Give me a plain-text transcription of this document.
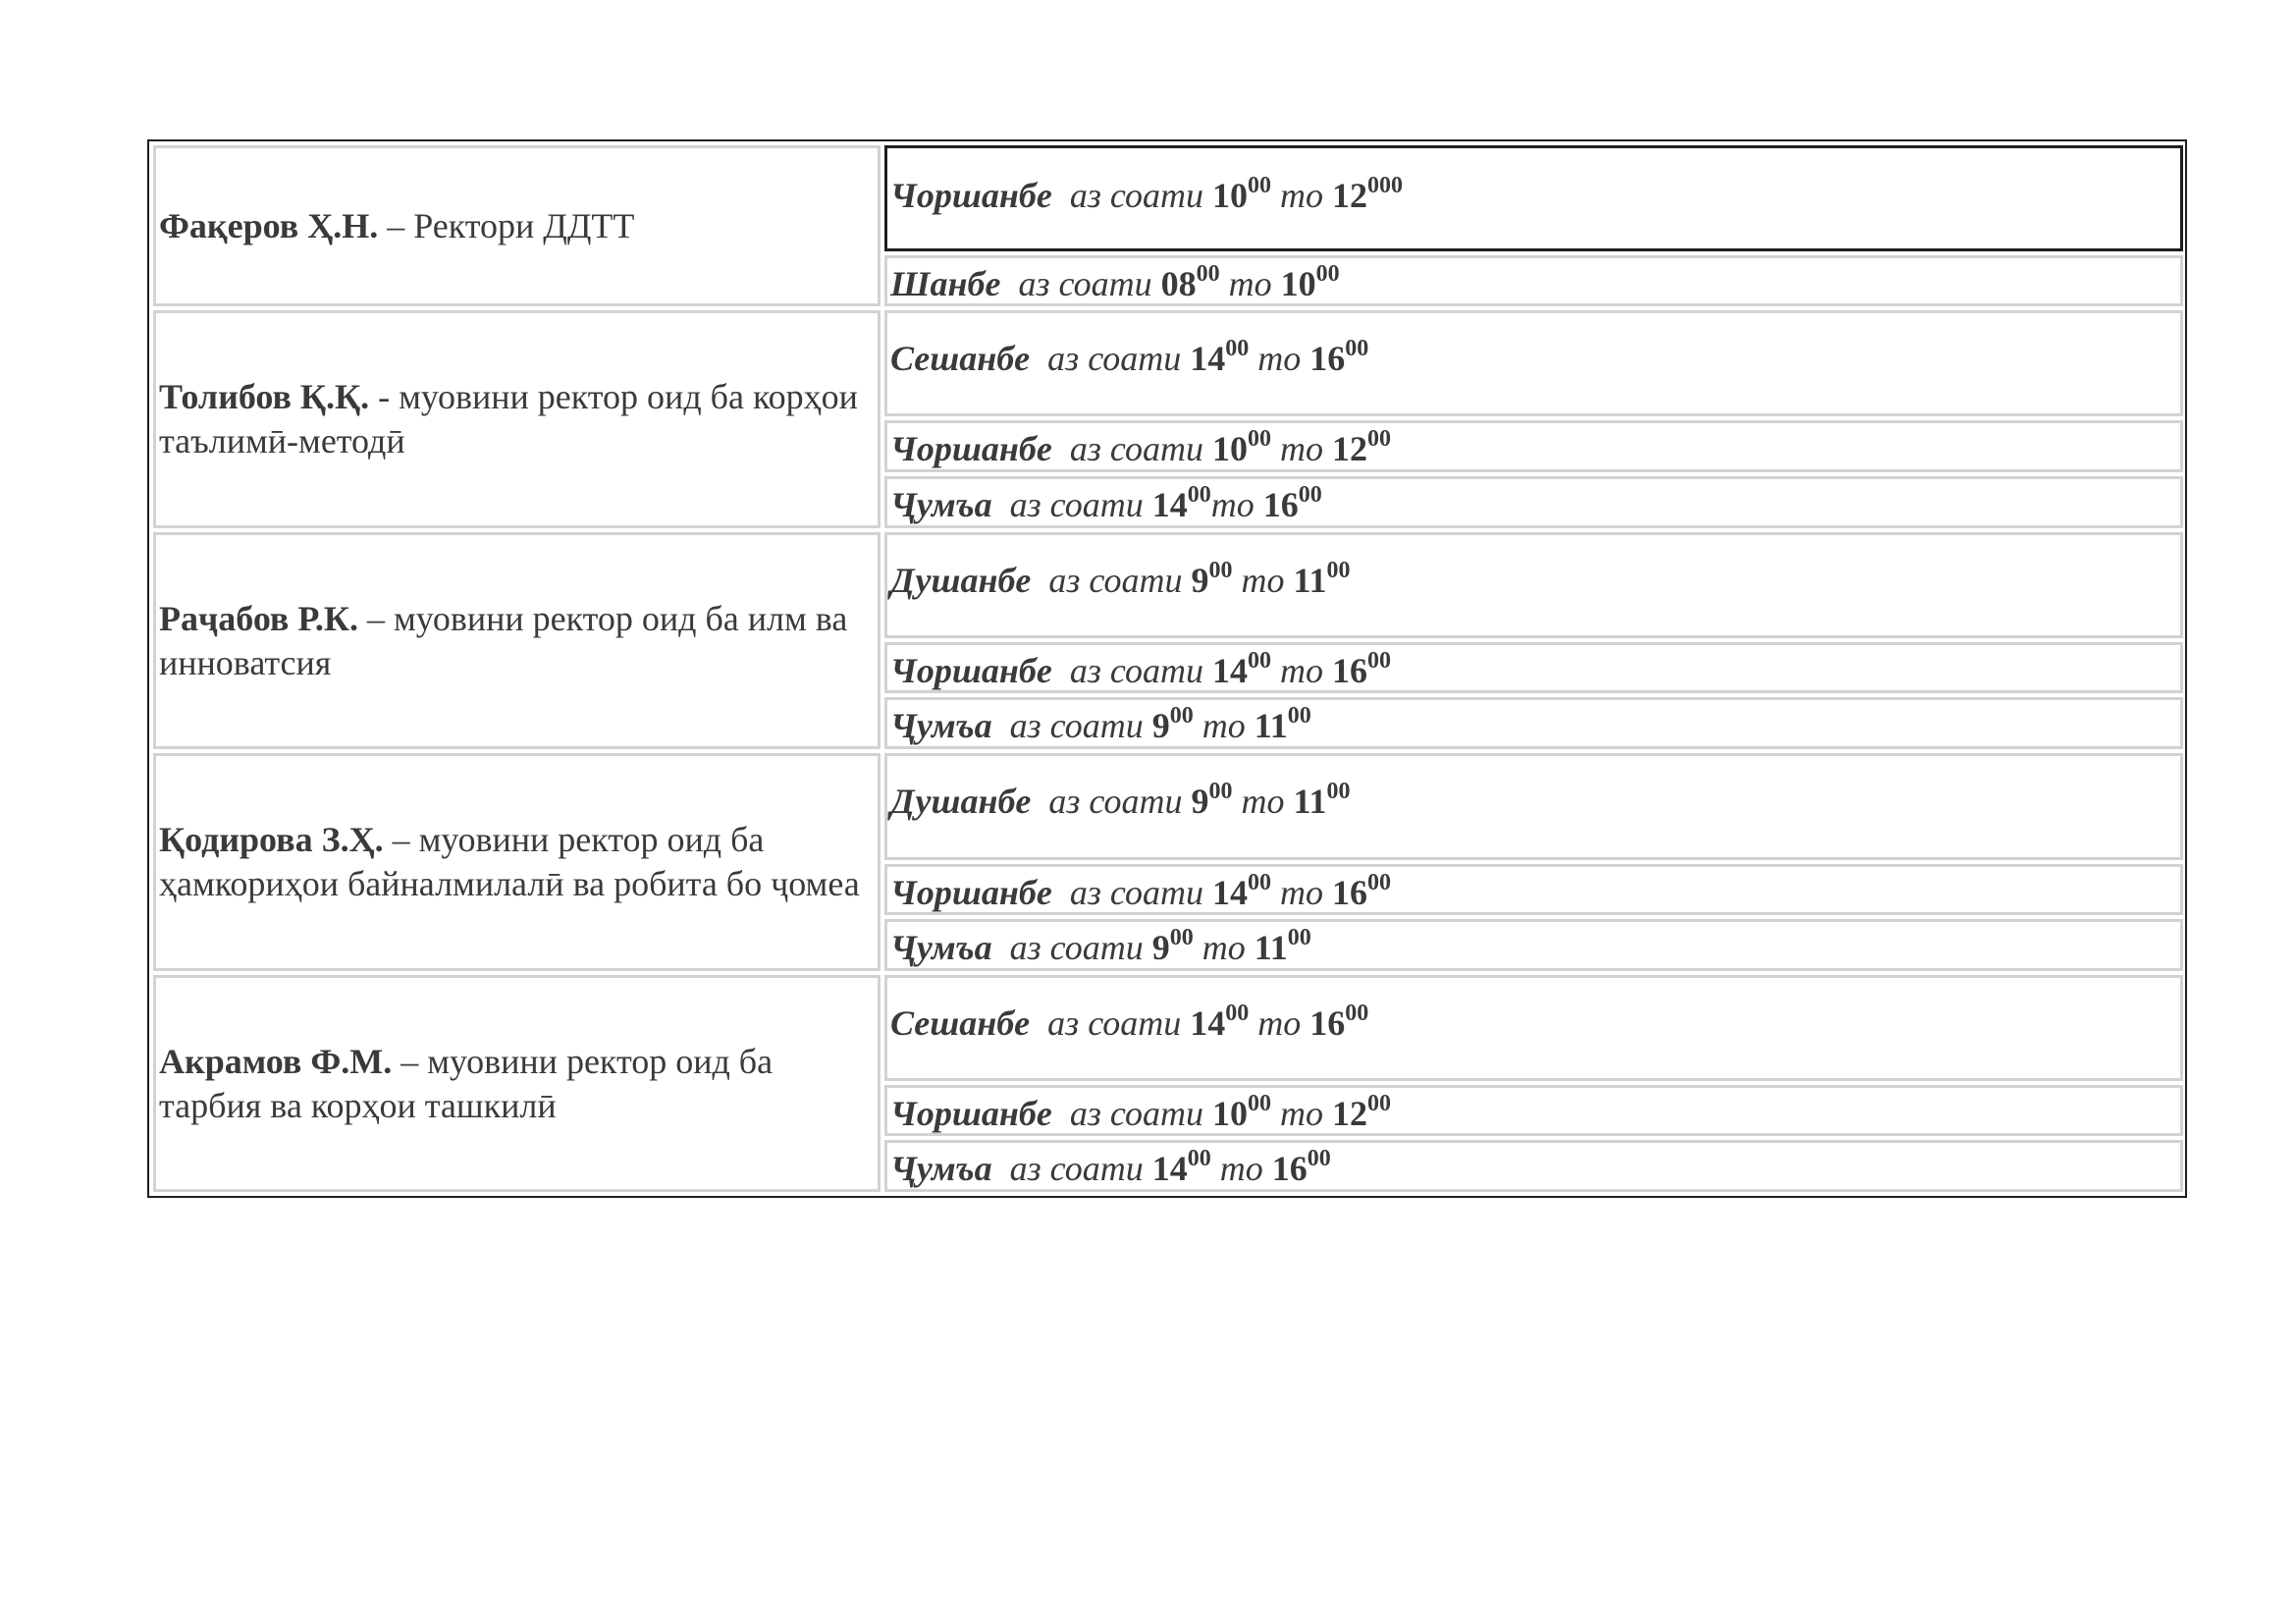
Фақеров Ҳ.Н. – Ректори ДДТТ
Чоршанбе аз соати $10^{00}$ то $12^{000}$
Шанбе аз соати $08^{00}$ то $10^{00}$
Толибов Қ.Қ. - муовини ректор оид ба корҳои таълимӣ-методӣ
Сешанбе аз соати $14^{00}$ то $16^{00}$
Чоршанбе аз соати $10^{00}$ то $12^{00}$
Ҷумъа аз соати $14^{00}то$ $16^{00}$
Раҷабов Р.К. – муовини ректор оид ба илм ва инноватсия
Душанбе аз соати $9^{00}$ то $11^{00}$
Чоршанбе аз соати $14^{00}$ то $16^{00}$
Ҷумъа аз соати $9^{00}$ то $11^{00}$
Қодирова З.Ҳ. – муовини ректор оид ба ҳамкориҳои байналмилалӣ ва робита бо ҷомеа
Душанбе аз соати $9^{00}$ то $11^{00}$
Чоршанбе аз соати $14^{00}$ то $16^{00}$
Ҷумъа аз соати $9^{00}$ то $11^{00}$
Акрамов Ф.М. – муовини ректор оид ба тарбия ва корҳои ташкилӣ
Сешанбе аз соати $14^{00}$ то $16^{00}$
Чоршанбе аз соати $10^{00}$ то $12^{00}$
Ҷумъа аз соати $14^{00}$ то $16^{00}$
